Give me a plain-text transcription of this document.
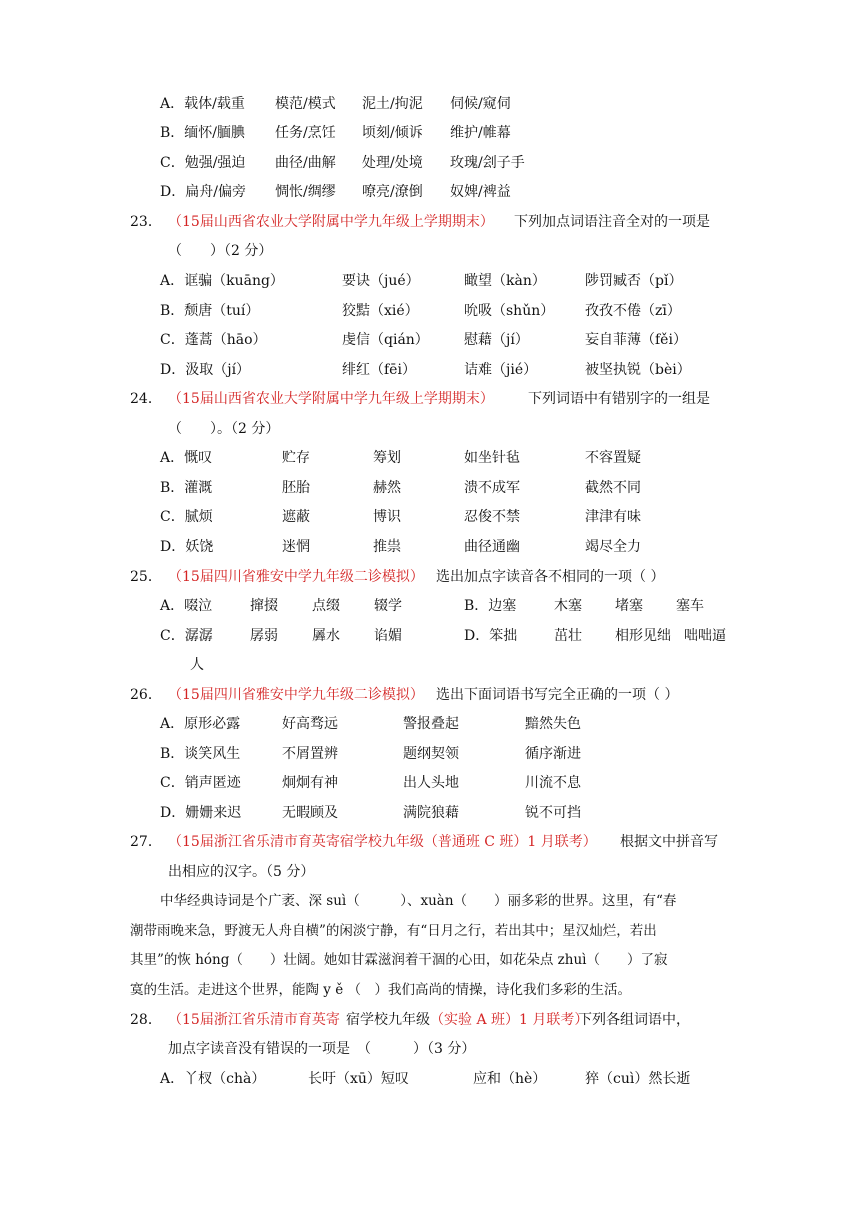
A．载体/载重 模范/模式 泥土/拘泥 伺候/窥伺
B．缅怀/腼腆 任务/烹饪 顷刻/倾诉 维护/帷幕
C．勉强/强迫 曲径/曲解 处理/处境 玫瑰/刽子手
D．扁舟/偏旁 惆怅/绸缪 嘹亮/潦倒 奴婢/裨益
23． （15届山西省农业大学附属中学九年级上学期期末） 下列加点词语注音全对的一项是
（　　）（2 分）
A．诓骗（kuāng）	要诀（jué）	瞰望（kàn）	陟罚臧否（pǐ）
B．颓唐（tuí）	狡黠（xié）	吮吸（shǔn） 孜孜不倦（zī）
C．蓬蒿（hāo）	虔信（qián）	慰藉（jí）	妄自菲薄（fěi）
D．汲取（jí）	绯红（fēi）	诘难（jié）	被坚执锐（bèi）
24． （15届山西省农业大学附属中学九年级上学期期末） 下列词语中有错别字的一组是
（　　）。（2 分）
A．慨叹	贮存	筹划	如坐针毡	不容置疑
B．灌溉	胚胎	赫然	溃不成军	截然不同
C．腻烦	遮蔽	博识	忍俊不禁	津津有味
D．妖饶	迷惘	推祟	曲径通幽	竭尽全力
25． （15届四川省雅安中学九年级二诊模拟） 选出加点字读音各不相同的一项（ ）
A．啜泣	撺掇 点缀 辍学	B．边塞	木塞 堵塞 塞车
C．潺潺	孱弱 羼水 谄媚	D．笨拙	茁壮 相形见绌 咄咄逼
人
26． （15届四川省雅安中学九年级二诊模拟） 选出下面词语书写完全正确的一项（ ）
A．原形必露	好高骛远	警报叠起	黯然失色
B．谈笑风生	不屑置辨	题纲契领	循序渐进
C．销声匿迹	炯炯有神	出人头地	川流不息
D．姗姗来迟	无暇顾及	满院狼藉	锐不可挡
27． （15届浙江省乐清市育英寄宿学校九年级（普通班 C 班）1 月联考） 根据文中拼音写
出相应的汉字。（5 分）
中华经典诗词是个广袤、深 suì（　　　）、xuàn（　　）丽多彩的世界。这里，有“春
潮带雨晚来急，野渡无人舟自横”的闲淡宁静，有“日月之行，若出其中；星汉灿烂，若出
其里”的恢 hóng（　　）壮阔。她如甘霖滋润着干涸的心田，如花朵点 zhuì（　　）了寂
寞的生活。走进这个世界，能陶 y ě （　）我们高尚的情操，诗化我们多彩的生活。
28． （15届浙江省乐清市育英寄 宿学校九年级 （实验 A 班）1 月联考）
下列各组词语中，
加点字读音没有错误的一项是　（　　　）（3 分）
A．丫杈（chà）	长吁（xū）短叹	应和（hè）	猝（cuì）然长逝
